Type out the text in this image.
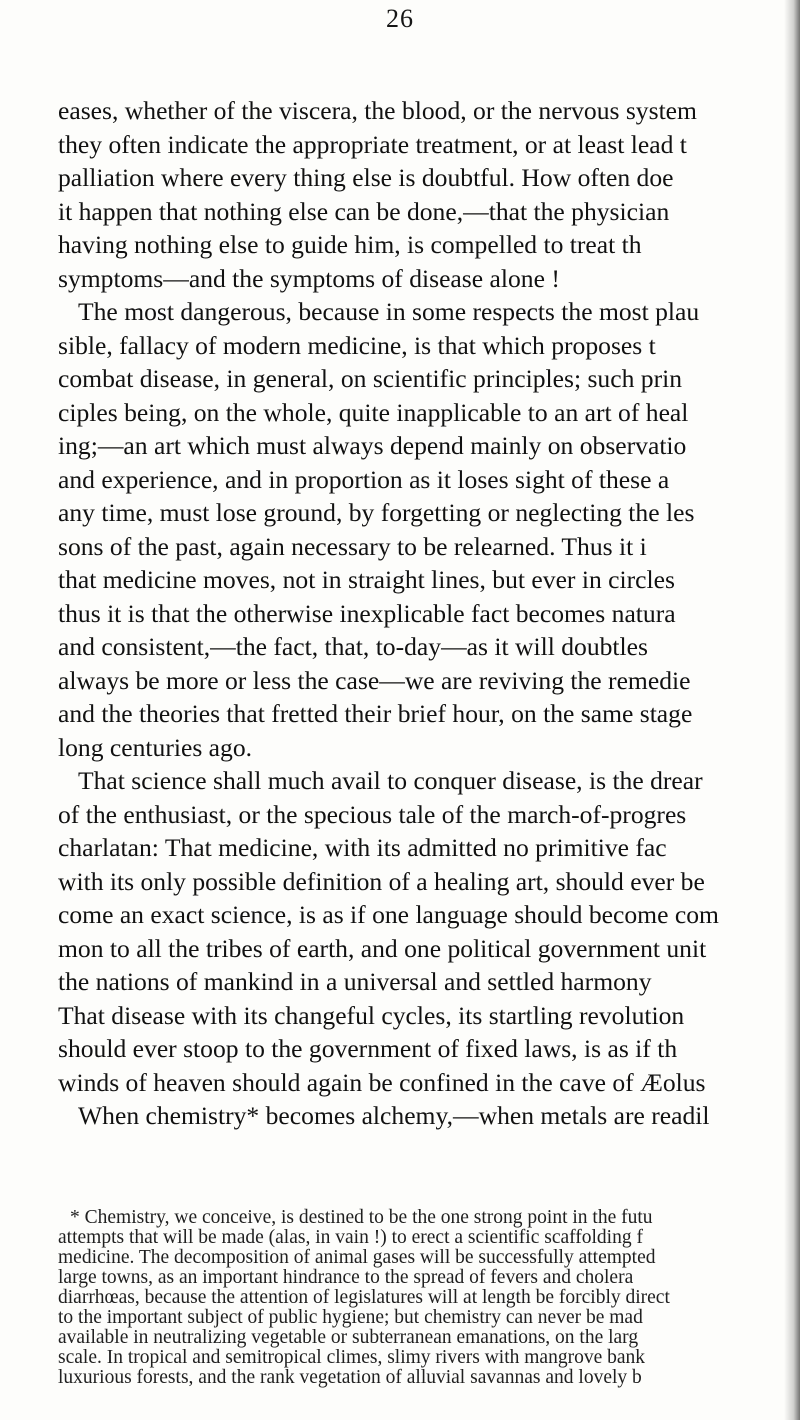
26
eases, whether of the viscera, the blood, or the nervous system
they often indicate the appropriate treatment, or at least lead t
palliation where every thing else is doubtful. How often doe
it happen that nothing else can be done,—that the physician
having nothing else to guide him, is compelled to treat th
symptoms—and the symptoms of disease alone !
The most dangerous, because in some respects the most plau
sible, fallacy of modern medicine, is that which proposes t
combat disease, in general, on scientific principles; such prin
ciples being, on the whole, quite inapplicable to an art of heal
ing;—an art which must always depend mainly on observatio
and experience, and in proportion as it loses sight of these a
any time, must lose ground, by forgetting or neglecting the les
sons of the past, again necessary to be relearned. Thus it i
that medicine moves, not in straight lines, but ever in circles
thus it is that the otherwise inexplicable fact becomes natura
and consistent,—the fact, that, to-day—as it will doubtles
always be more or less the case—we are reviving the remedie
and the theories that fretted their brief hour, on the same stage
long centuries ago.
That science shall much avail to conquer disease, is the drear
of the enthusiast, or the specious tale of the march-of-progres
charlatan: That medicine, with its admitted no primitive fac
with its only possible definition of a healing art, should ever be
come an exact science, is as if one language should become com
mon to all the tribes of earth, and one political government unit
the nations of mankind in a universal and settled harmony
That disease with its changeful cycles, its startling revolution
should ever stoop to the government of fixed laws, is as if th
winds of heaven should again be confined in the cave of Æolus
When chemistry* becomes alchemy,—when metals are readil
* Chemistry, we conceive, is destined to be the one strong point in the futu
attempts that will be made (alas, in vain !) to erect a scientific scaffolding f
medicine. The decomposition of animal gases will be successfully attempted
large towns, as an important hindrance to the spread of fevers and cholera
diarrhœas, because the attention of legislatures will at length be forcibly direct
to the important subject of public hygiene; but chemistry can never be mad
available in neutralizing vegetable or subterranean emanations, on the larg
scale. In tropical and semitropical climes, slimy rivers with mangrove bank
luxurious forests, and the rank vegetation of alluvial savannas and lovely b
